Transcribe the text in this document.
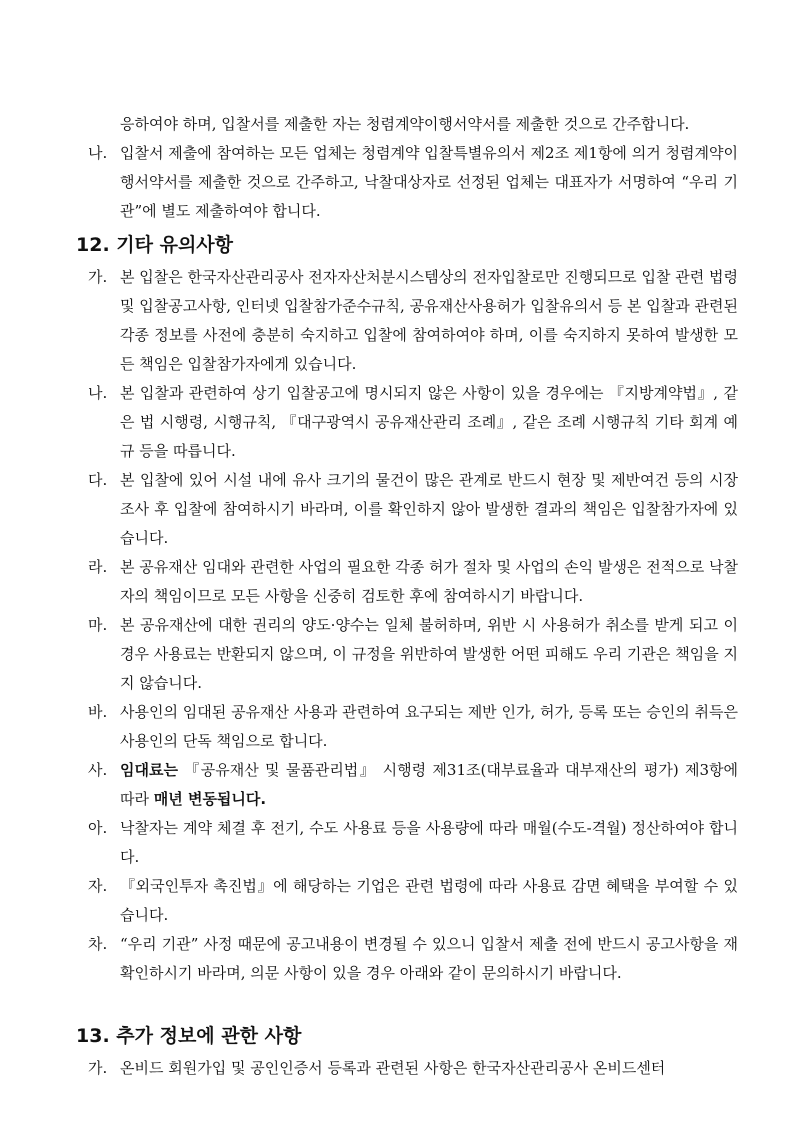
응하여야 하며, 입찰서를 제출한 자는 청렴계약이행서약서를 제출한 것으로 간주합니다.
나. 입찰서 제출에 참여하는 모든 업체는 청렴계약 입찰특별유의서 제2조 제1항에 의거 청렴계약이행서약서를 제출한 것으로 간주하고, 낙찰대상자로 선정된 업체는 대표자가 서명하여 “우리 기관”에 별도 제출하여야 합니다.
12. 기타 유의사항
가. 본 입찰은 한국자산관리공사 전자자산처분시스템상의 전자입찰로만 진행되므로 입찰 관련 법령 및 입찰공고사항, 인터넷 입찰참가준수규칙, 공유재산사용허가 입찰유의서 등 본 입찰과 관련된 각종 정보를 사전에 충분히 숙지하고 입찰에 참여하여야 하며, 이를 숙지하지 못하여 발생한 모든 책임은 입찰참가자에게 있습니다.
나. 본 입찰과 관련하여 상기 입찰공고에 명시되지 않은 사항이 있을 경우에는 『지방계약법』, 같은 법 시행령, 시행규칙, 『대구광역시 공유재산관리 조례』, 같은 조례 시행규칙 기타 회계 예규 등을 따릅니다.
다. 본 입찰에 있어 시설 내에 유사 크기의 물건이 많은 관계로 반드시 현장 및 제반여건 등의 시장조사 후 입찰에 참여하시기 바라며, 이를 확인하지 않아 발생한 결과의 책임은 입찰참가자에 있습니다.
라. 본 공유재산 임대와 관련한 사업의 필요한 각종 허가 절차 및 사업의 손익 발생은 전적으로 낙찰자의 책임이므로 모든 사항을 신중히 검토한 후에 참여하시기 바랍니다.
마. 본 공유재산에 대한 권리의 양도·양수는 일체 불허하며, 위반 시 사용허가 취소를 받게 되고 이 경우 사용료는 반환되지 않으며, 이 규정을 위반하여 발생한 어떤 피해도 우리 기관은 책임을 지지 않습니다.
바. 사용인의 임대된 공유재산 사용과 관련하여 요구되는 제반 인가, 허가, 등록 또는 승인의 취득은 사용인의 단독 책임으로 합니다.
사. 임대료는 『공유재산 및 물품관리법』 시행령 제31조(대부료율과 대부재산의 평가) 제3항에 따라 매년 변동됩니다.
아. 낙찰자는 계약 체결 후 전기, 수도 사용료 등을 사용량에 따라 매월(수도-격월) 정산하여야 합니다.
자. 『외국인투자 촉진법』에 해당하는 기업은 관련 법령에 따라 사용료 감면 혜택을 부여할 수 있습니다.
차. “우리 기관” 사정 때문에 공고내용이 변경될 수 있으니 입찰서 제출 전에 반드시 공고사항을 재확인하시기 바라며, 의문 사항이 있을 경우 아래와 같이 문의하시기 바랍니다.
13. 추가 정보에 관한 사항
가. 온비드 회원가입 및 공인인증서 등록과 관련된 사항은 한국자산관리공사 온비드센터
